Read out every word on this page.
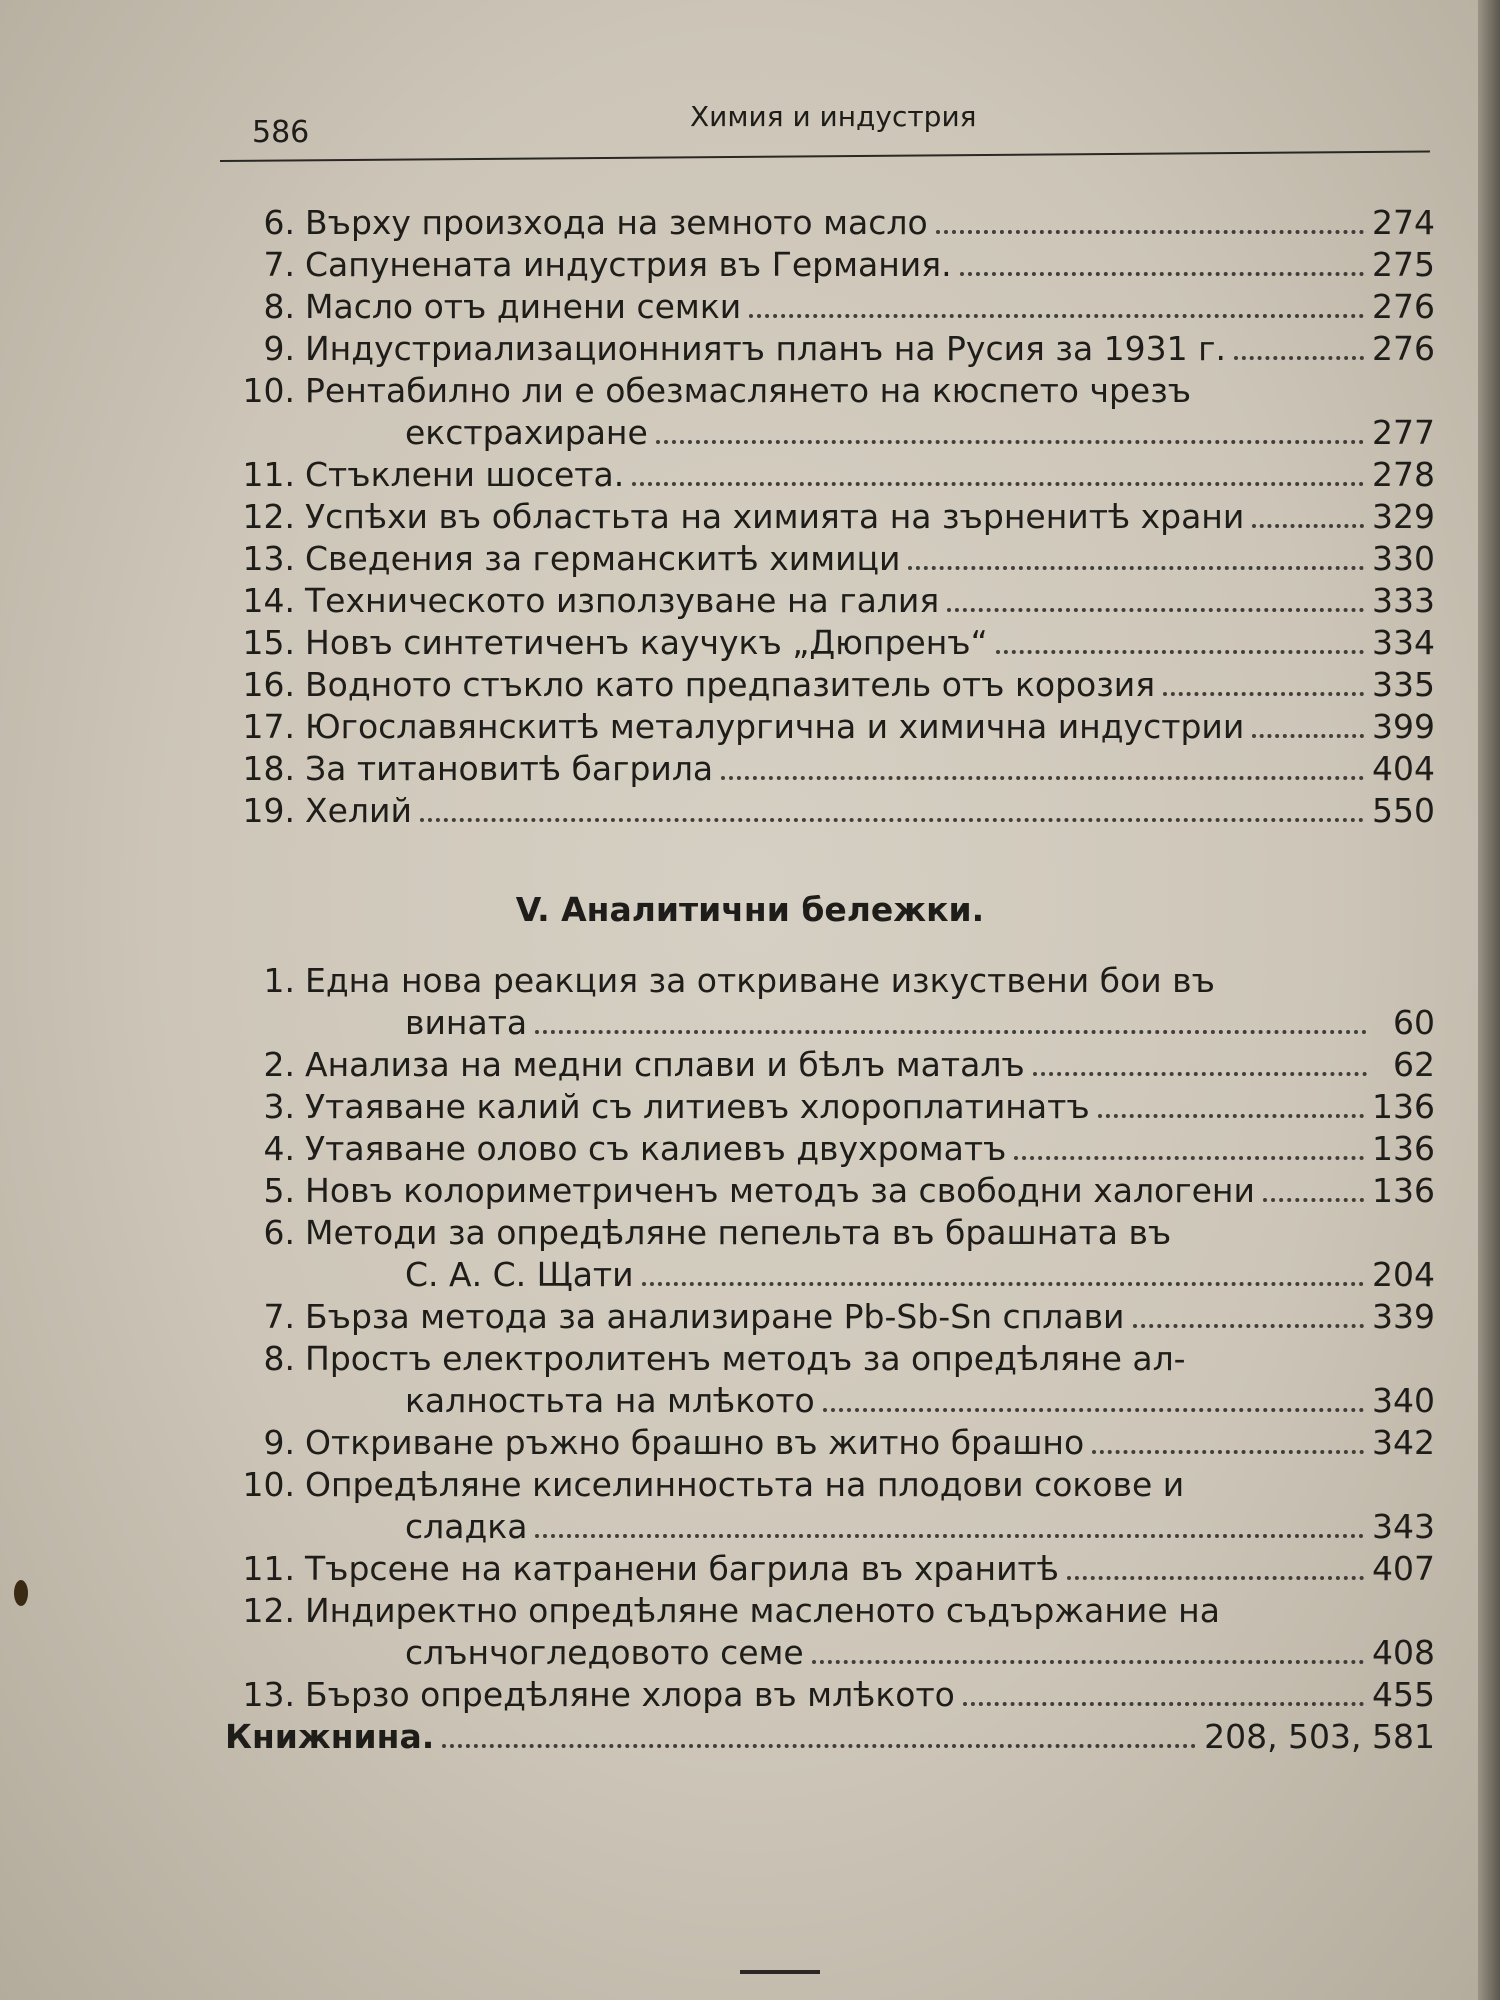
586	Химия и индустрия
6. Върху произхода на земното масло	274
7. Сапунената индустрия въ Германия.	275
8. Масло отъ динени семки	276
9. Индустриализационниятъ планъ на Русия за 1931 г.	276
10. Рентабилно ли е обезмаслянето на кюспето чрезъ
екстрахиране	277
11. Стъклени шосета.	278
12. Успѣхи въ областьта на химията на зърненитѣ храни	329
13. Сведения за германскитѣ химици	330
14. Техническото използуване на галия	333
15. Новъ синтетиченъ каучукъ „Дюпренъ“	334
16. Водното стъкло като предпазитель отъ корозия	335
17. Югославянскитѣ металургична и химична индустрии	399
18. За титановитѣ багрила	404
19. Хелий	550
V. Аналитични бележки.
1. Една нова реакция за откриване изкуствени бои въ
вината	60
2. Анализа на медни сплави и бѣлъ маталъ	62
3. Утаяване калий съ литиевъ хлороплатинатъ	136
4. Утаяване олово съ калиевъ двухроматъ	136
5. Новъ колориметриченъ методъ за свободни халогени	136
6. Методи за опредѣляне пепельта въ брашната въ
С. А. С. Щати	204
7. Бърза метода за анализиране Pb-Sb-Sn сплави	339
8. Простъ електролитенъ методъ за опредѣляне ал-
калностьта на млѣкото	340
9. Откриване ръжно брашно въ житно брашно	342
10. Опредѣляне киселинностьта на плодови сокове и
сладка	343
11. Търсене на катранени багрила въ хранитѣ	407
12. Индиректно опредѣляне масленото съдържание на
слънчогледовото семе	408
13. Бързо опредѣляне хлора въ млѣкото	455
Книжнина.	208, 503, 581
